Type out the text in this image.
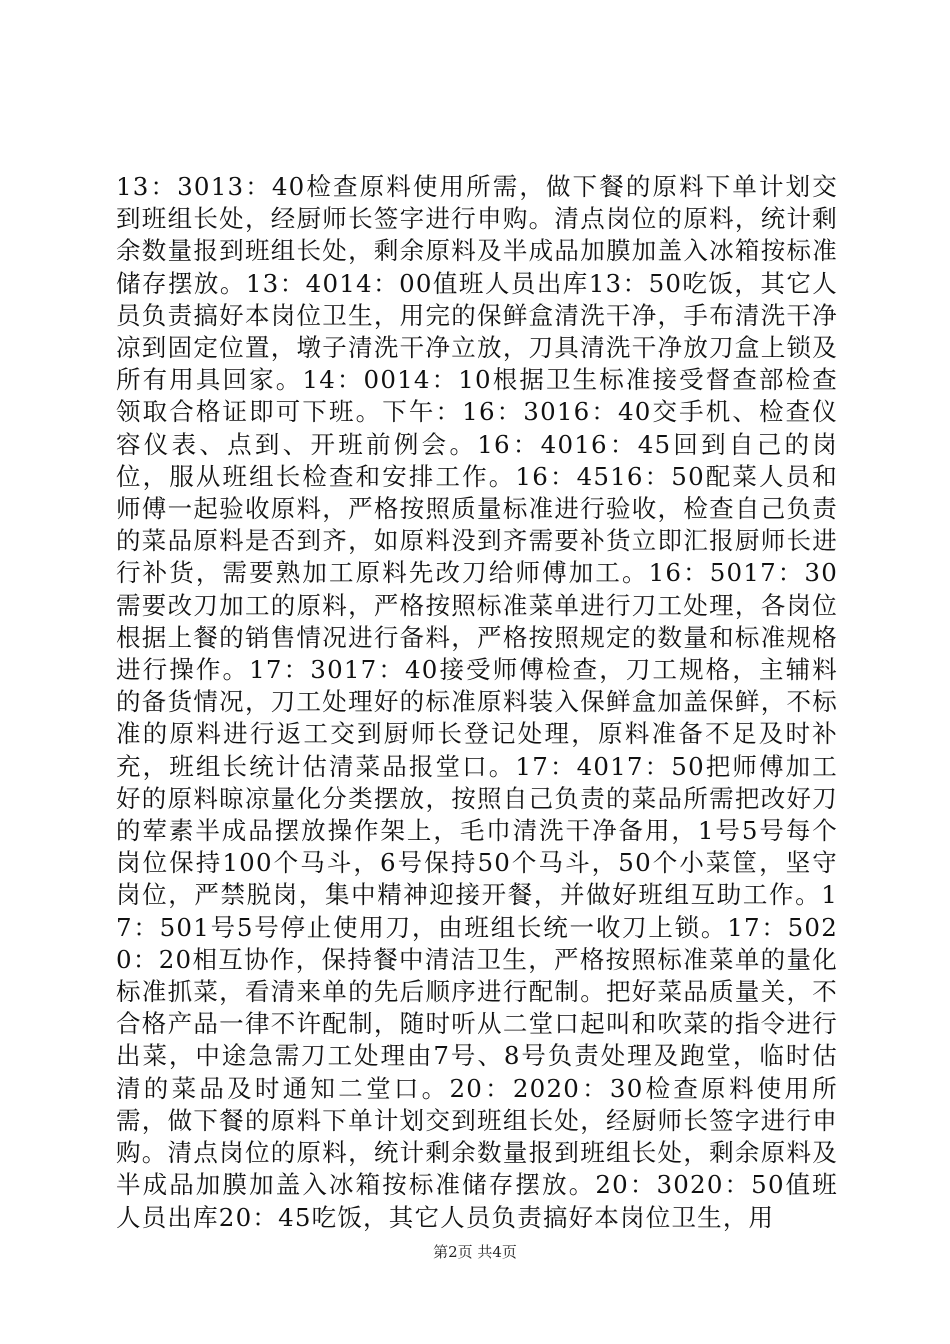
13：3013：40检查原料使用所需，做下餐的原料下单计划交到班组长处，经厨师长签字进行申购。清点岗位的原料，统计剩余数量报到班组长处，剩余原料及半成品加膜加盖入冰箱按标准储存摆放。13：4014：00值班人员出库13：50吃饭，其它人员负责搞好本岗位卫生，用完的保鲜盒清洗干净，手布清洗干净凉到固定位置，墩子清洗干净立放，刀具清洗干净放刀盒上锁及所有用具回家。14：0014：10根据卫生标准接受督查部检查领取合格证即可下班。下午：16：3016：40交手机、检查仪容仪表、点到、开班前例会。16：4016：45回到自己的岗位，服从班组长检查和安排工作。16：4516：50配菜人员和师傅一起验收原料，严格按照质量标准进行验收，检查自己负责的菜品原料是否到齐，如原料没到齐需要补货立即汇报厨师长进行补货，需要熟加工原料先改刀给师傅加工。16：5017：30需要改刀加工的原料，严格按照标准菜单进行刀工处理，各岗位根据上餐的销售情况进行备料，严格按照规定的数量和标准规格进行操作。17：3017：40接受师傅检查，刀工规格，主辅料的备货情况，刀工处理好的标准原料装入保鲜盒加盖保鲜，不标准的原料进行返工交到厨师长登记处理，原料准备不足及时补充，班组长统计估清菜品报堂口。17：4017：50把师傅加工好的原料晾凉量化分类摆放，按照自己负责的菜品所需把改好刀的荤素半成品摆放操作架上，毛巾清洗干净备用，1号5号每个岗位保持100个马斗，6号保持50个马斗，50个小菜筐，坚守岗位，严禁脱岗，集中精神迎接开餐，并做好班组互助工作。17：501号5号停止使用刀，由班组长统一收刀上锁。17：5020：20相互协作，保持餐中清洁卫生，严格按照标准菜单的量化标准抓菜，看清来单的先后顺序进行配制。把好菜品质量关，不合格产品一律不许配制，随时听从二堂口起叫和吹菜的指令进行出菜，中途急需刀工处理由7号、8号负责处理及跑堂，临时估清的菜品及时通知二堂口。20：2020：30检查原料使用所需，做下餐的原料下单计划交到班组长处，经厨师长签字进行申购。清点岗位的原料，统计剩余数量报到班组长处，剩余原料及半成品加膜加盖入冰箱按标准储存摆放。20：3020：50值班人员出库20：45吃饭，其它人员负责搞好本岗位卫生，用
第2页 共4页
